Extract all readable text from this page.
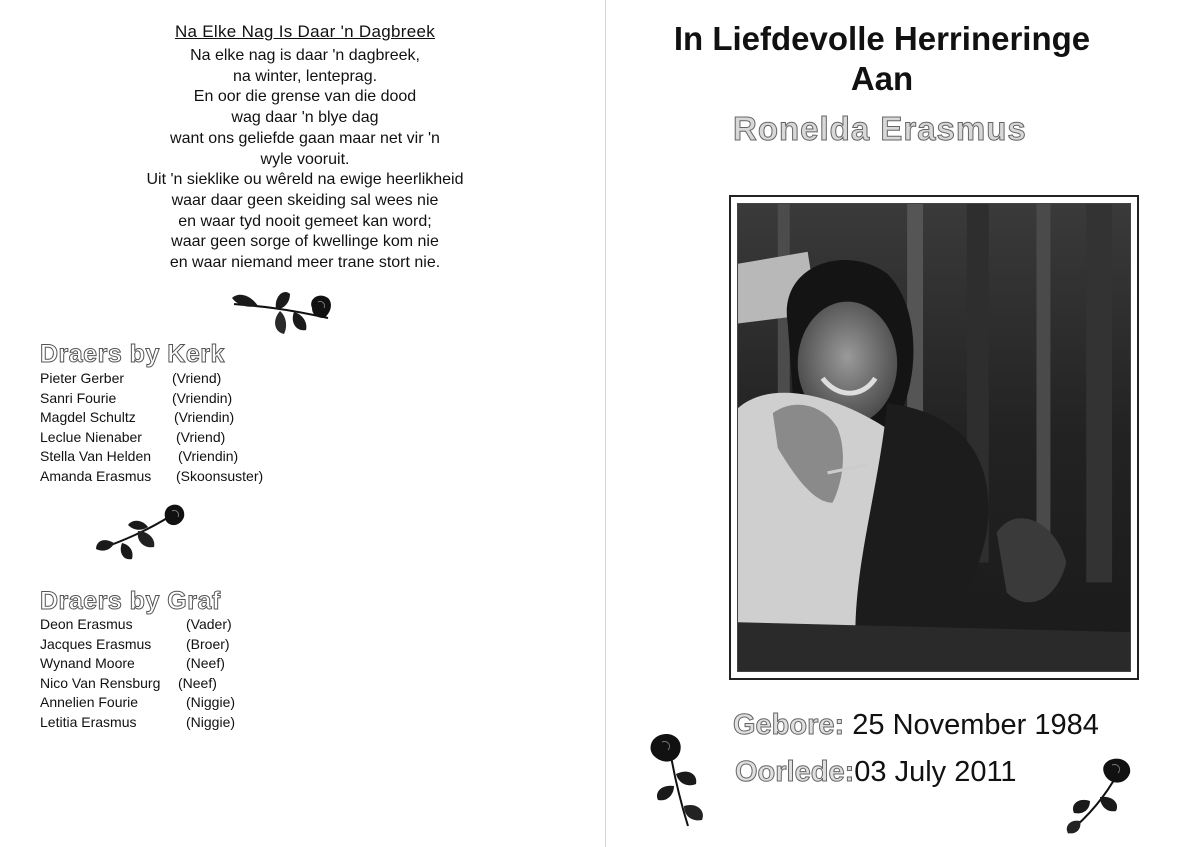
Na Elke Nag Is Daar 'n Dagbreek
Na elke nag is daar 'n dagbreek,
na winter, lenteprag.
En oor die grense van die dood
wag daar 'n blye dag
want ons geliefde gaan maar net vir 'n
wyle vooruit.
Uit 'n sieklike ou wêreld na ewige heerlikheid
waar daar geen skeiding sal wees nie
en waar tyd nooit gemeet kan word;
waar geen sorge of kwellinge kom nie
en waar niemand meer trane stort nie.
Draers by Kerk
Pieter Gerber	(Vriend)
Sanri Fourie	(Vriendin)
Magdel Schultz	(Vriendin)
Leclue Nienaber (Vriend)
Stella Van Helden (Vriendin)
Amanda Erasmus (Skoonsuster)
Draers by Graf
Deon Erasmus	(Vader)
Jacques Erasmus (Broer)
Wynand Moore	(Neef)
Nico Van Rensburg (Neef)
Annelien Fourie	(Niggie)
Letitia Erasmus	(Niggie)
In Liefdevolle Herrineringe
Aan
Ronelda Erasmus
Gebore: 25 November 1984
Oorlede:03 July 2011
